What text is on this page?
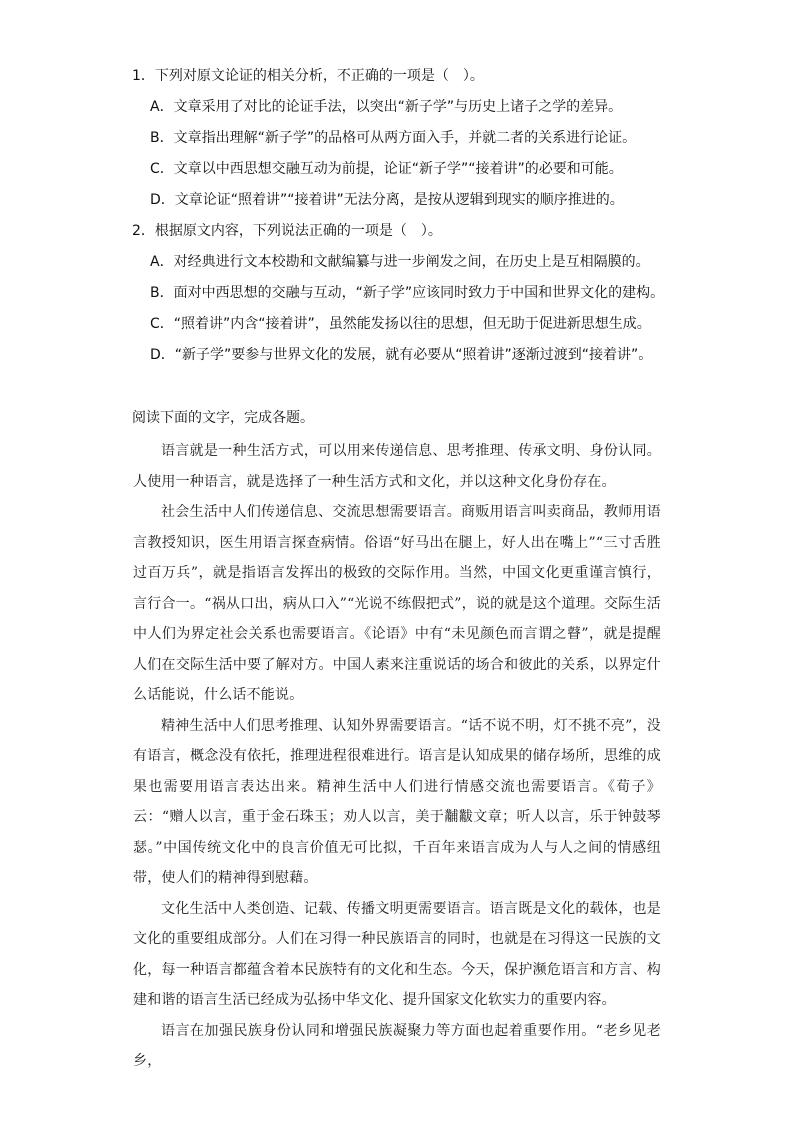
1．下列对原文论证的相关分析，不正确的一项是（　）。
A．文章采用了对比的论证手法，以突出“新子学”与历史上诸子之学的差异。
B．文章指出理解“新子学”的品格可从两方面入手，并就二者的关系进行论证。
C．文章以中西思想交融互动为前提，论证“新子学”“接着讲”的必要和可能。
D．文章论证“照着讲”“接着讲”无法分离，是按从逻辑到现实的顺序推进的。
2．根据原文内容，下列说法正确的一项是（　）。
A．对经典进行文本校勘和文献编纂与进一步阐发之间，在历史上是互相隔膜的。
B．面对中西思想的交融与互动，“新子学”应该同时致力于中国和世界文化的建构。
C．“照着讲”内含“接着讲”，虽然能发扬以往的思想，但无助于促进新思想生成。
D．“新子学”要参与世界文化的发展，就有必要从“照着讲”逐渐过渡到“接着讲”。
阅读下面的文字，完成各题。

语言就是一种生活方式，可以用来传递信息、思考推理、传承文明、身份认同。人使用一种语言，就是选择了一种生活方式和文化，并以这种文化身份存在。

社会生活中人们传递信息、交流思想需要语言。商贩用语言叫卖商品，教师用语言教授知识，医生用语言探查病情。俗语“好马出在腿上，好人出在嘴上”“三寸舌胜过百万兵”，就是指语言发挥出的极致的交际作用。当然，中国文化更重谨言慎行，言行合一。“祸从口出，病从口入”“光说不练假把式”，说的就是这个道理。交际生活中人们为界定社会关系也需要语言。《论语》中有“未见颜色而言谓之瞽”，就是提醒人们在交际生活中要了解对方。中国人素来注重说话的场合和彼此的关系，以界定什么话能说，什么话不能说。

精神生活中人们思考推理、认知外界需要语言。“话不说不明，灯不挑不亮”，没有语言，概念没有依托，推理进程很难进行。语言是认知成果的储存场所，思维的成果也需要用语言表达出来。精神生活中人们进行情感交流也需要语言。《荀子》云：“赠人以言，重于金石珠玉；劝人以言，美于黼黻文章；听人以言，乐于钟鼓琴瑟。”中国传统文化中的良言价值无可比拟，千百年来语言成为人与人之间的情感纽带，使人们的精神得到慰藉。

文化生活中人类创造、记载、传播文明更需要语言。语言既是文化的载体，也是文化的重要组成部分。人们在习得一种民族语言的同时，也就是在习得这一民族的文化，每一种语言都蕴含着本民族特有的文化和生态。今天，保护濒危语言和方言、构建和谐的语言生活已经成为弘扬中华文化、提升国家文化软实力的重要内容。

语言在加强民族身份认同和增强民族凝聚力等方面也起着重要作用。“老乡见老乡，
